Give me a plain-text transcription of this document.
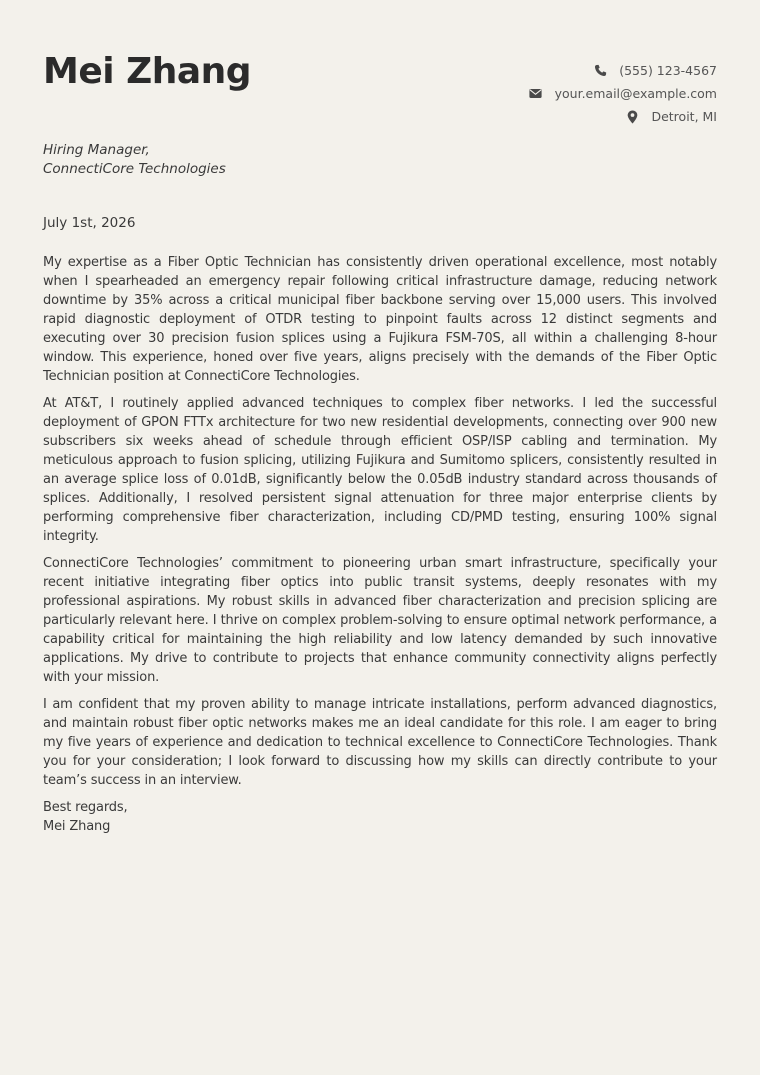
Mei Zhang	(555) 123-4567
your.email@example.com
Detroit, MI
Hiring Manager,
ConnectiCore Technologies
July 1st, 2026

My expertise as a Fiber Optic Technician has consistently driven operational excellence, most notably when I spearheaded an emergency repair following critical infrastructure damage, reducing network downtime by 35% across a critical municipal fiber backbone serving over 15,000 users. This involved rapid diagnostic deployment of OTDR testing to pinpoint faults across 12 distinct segments and executing over 30 precision fusion splices using a Fujikura FSM-70S, all within a challenging 8-hour window. This experience, honed over five years, aligns precisely with the demands of the Fiber Optic Technician position at ConnectiCore Technologies.

At AT&T, I routinely applied advanced techniques to complex fiber networks. I led the successful deployment of GPON FTTx architecture for two new residential developments, connecting over 900 new subscribers six weeks ahead of schedule through efficient OSP/ISP cabling and termination. My meticulous approach to fusion splicing, utilizing Fujikura and Sumitomo splicers, consistently resulted in an average splice loss of 0.01dB, significantly below the 0.05dB industry standard across thousands of splices. Additionally, I resolved persistent signal attenuation for three major enterprise clients by performing comprehensive fiber characterization, including CD/PMD testing, ensuring 100% signal integrity.

ConnectiCore Technologies’ commitment to pioneering urban smart infrastructure, specifically your recent initiative integrating fiber optics into public transit systems, deeply resonates with my professional aspirations. My robust skills in advanced fiber characterization and precision splicing are particularly relevant here. I thrive on complex problem-solving to ensure optimal network performance, a capability critical for maintaining the high reliability and low latency demanded by such innovative applications. My drive to contribute to projects that enhance community connectivity aligns perfectly with your mission.

I am confident that my proven ability to manage intricate installations, perform advanced diagnostics, and maintain robust fiber optic networks makes me an ideal candidate for this role. I am eager to bring my five years of experience and dedication to technical excellence to ConnectiCore Technologies. Thank you for your consideration; I look forward to discussing how my skills can directly contribute to your team’s success in an interview.

Best regards,
Mei Zhang
